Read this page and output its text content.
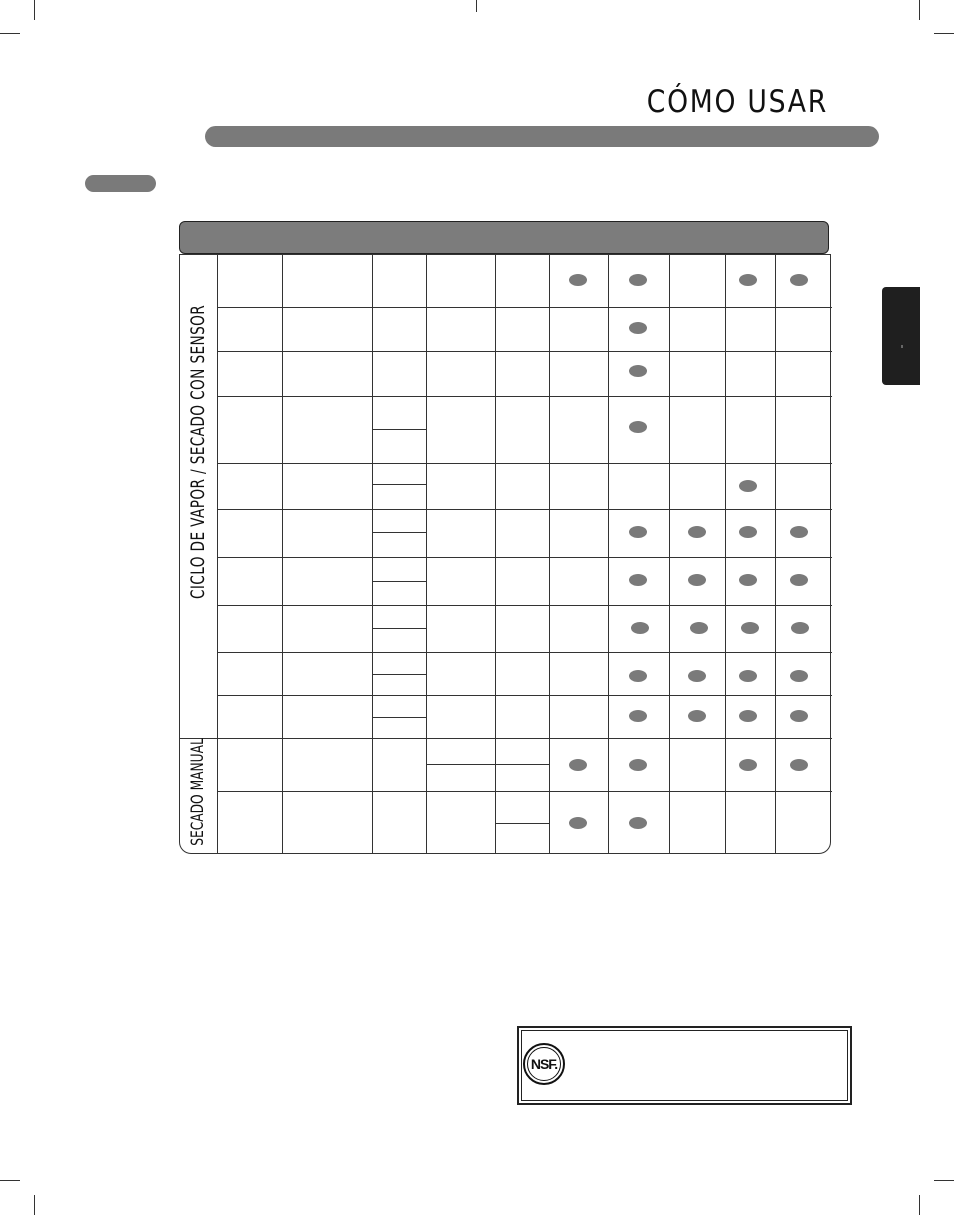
CÓMO USAR
CICLO DE VAPOR / SECADO CON SENSOR
SECADO MANUAL
NSF.
